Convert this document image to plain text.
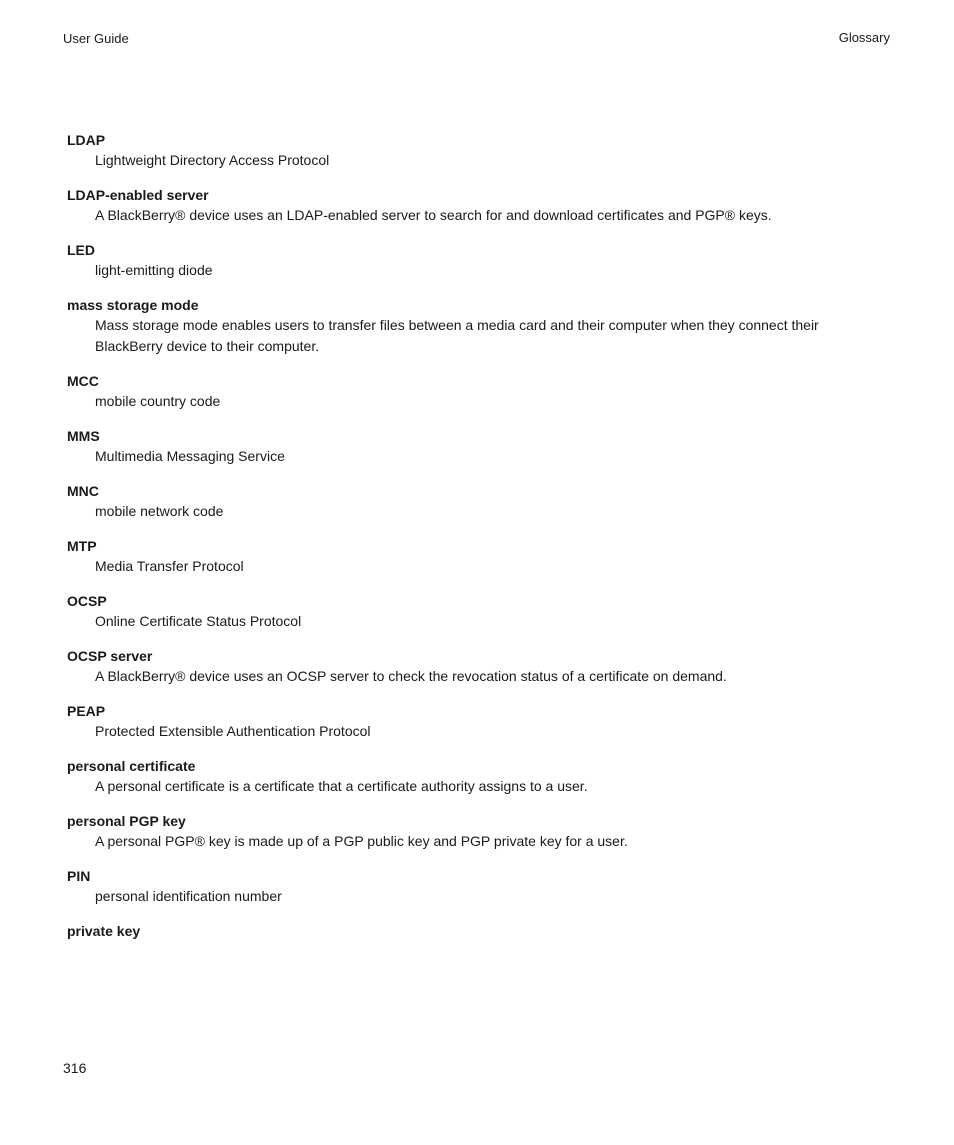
User Guide	Glossary
LDAP
Lightweight Directory Access Protocol
LDAP-enabled server
A BlackBerry® device uses an LDAP-enabled server to search for and download certificates and PGP® keys.
LED
light-emitting diode
mass storage mode
Mass storage mode enables users to transfer files between a media card and their computer when they connect their BlackBerry device to their computer.
MCC
mobile country code
MMS
Multimedia Messaging Service
MNC
mobile network code
MTP
Media Transfer Protocol
OCSP
Online Certificate Status Protocol
OCSP server
A BlackBerry® device uses an OCSP server to check the revocation status of a certificate on demand.
PEAP
Protected Extensible Authentication Protocol
personal certificate
A personal certificate is a certificate that a certificate authority assigns to a user.
personal PGP key
A personal PGP® key is made up of a PGP public key and PGP private key for a user.
PIN
personal identification number
private key
316
